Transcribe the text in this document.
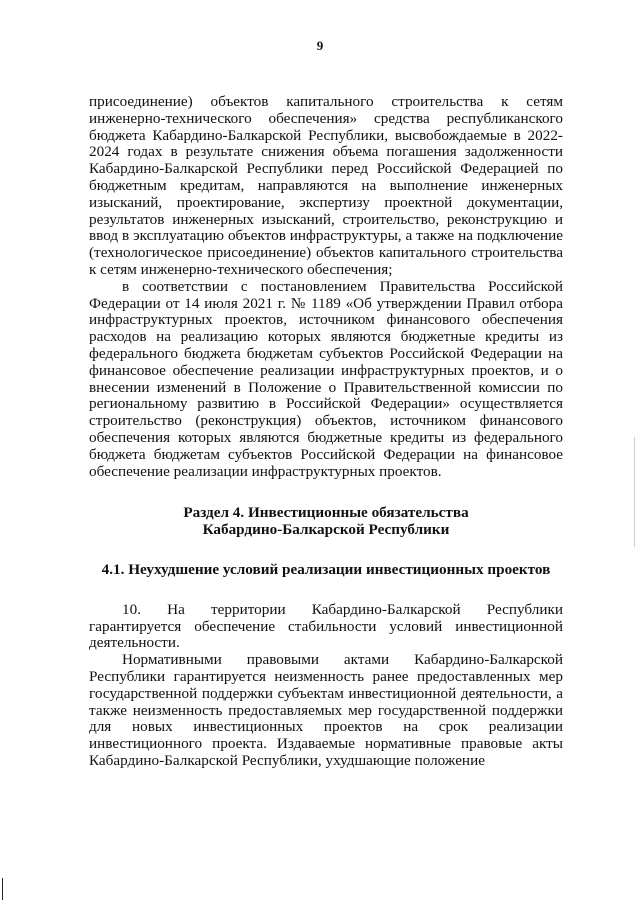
9

присоединение) объектов капитального строительства к сетям инженерно-технического обеспечения» средства республиканского бюджета Кабардино-Балкарской Республики, высвобождаемые в 2022-2024 годах в результате снижения объема погашения задолженности Кабардино-Балкарской Республики перед Российской Федерацией по бюджетным кредитам, направляются на выполнение инженерных изысканий, проектирование, экспертизу проектной документации, результатов инженерных изысканий, строительство, реконструкцию и ввод в эксплуатацию объектов инфраструктуры, а также на подключение (технологическое присоединение) объектов капитального строительства к сетям инженерно-технического обеспечения;

в соответствии с постановлением Правительства Российской Федерации от 14 июля 2021 г. № 1189 «Об утверждении Правил отбора инфраструктурных проектов, источником финансового обеспечения расходов на реализацию которых являются бюджетные кредиты из федерального бюджета бюджетам субъектов Российской Федерации на финансовое обеспечение реализации инфраструктурных проектов, и о внесении изменений в Положение о Правительственной комиссии по региональному развитию в Российской Федерации» осуществляется строительство (реконструкция) объектов, источником финансового обеспечения которых являются бюджетные кредиты из федерального бюджета бюджетам субъектов Российской Федерации на финансовое обеспечение реализации инфраструктурных проектов.

Раздел 4. Инвестиционные обязательства
Кабардино-Балкарской Республики
4.1. Неухудшение условий реализации инвестиционных проектов

10. На территории Кабардино-Балкарской Республики гарантируется обеспечение стабильности условий инвестиционной деятельности.

Нормативными правовыми актами Кабардино-Балкарской Республики гарантируется неизменность ранее предоставленных мер государственной поддержки субъектам инвестиционной деятельности, а также неизменность предоставляемых мер государственной поддержки для новых инвестиционных проектов на срок реализации инвестиционного проекта. Издаваемые нормативные правовые акты Кабардино-Балкарской Республики, ухудшающие положение
